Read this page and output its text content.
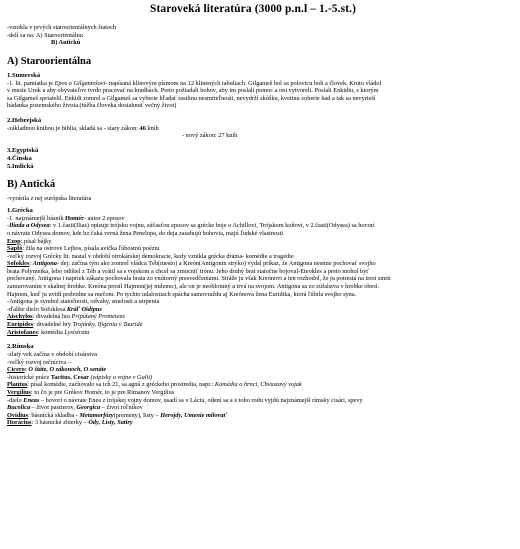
Staroveká literatúra (3000 p.n.l – 1.-5.st.)
-vznikla v prvých staroorientálnych štatoch
-delí sa na: A) Staroorientálnu
B) Antickú
A) Staroorientálna
1.Sumerská
-1. lit. pamiatka je Epos o Gilgamešovi- napísaná klinovým písmom na 12 hlinených tabuliach. Gilgameš bol sa polovicu boh a človek. Kruto vládol
v meste Uruk a aby obyvateľov tvrdo pracovať na hradbách. Preto požiadali bohov, aby im poslali pomoc a oni vytvoreli. Poslali Enkidiu, s ktorým
sa Gilgameš spriatelil. Enkidi zomrel a Gilgameš sa vyberie hľadať rastlinu nesmrteľnosti, nevydrží skúšku, kvetinu zoberie had a tak sa nevyrieší
hádanka pozemského života.(túžba človeka dosiahnuť večný život)
2.Hebrejská
-základnou knihou je biblia, skladá sa - stary zákon: 46 kníh
- nový zákon: 27 kníh
3.Egyptská
4.Čínska
5.Indická
B) Antická
-vyrástla z nej európska literatúra
1.Grécka
-1. najznámejší básnik Homér- autor 2 eposov
-Iliada a Odysea: v 1.časti(Ilias) opisuje trójsku vojnu, súčasťou eposov sa grécke boje o Achillovi, Trójskom koňovi, v 2.časti(Odysea) sa hovorí
o návrate Odysea domov, kde ho čaká verná žena Penelopa, do deja zasahujú bohovia, majú ľudské vlastnosti
Ezop: písal bájky
Sapfó: žila na ostrove Lejbos, písala avička ľúbostnú poéziu
-veľký rozvoj Grécky lit. nastal v období otrokárskej demokracie, kedy vznikla grécka dráma- komédie a tragédie
Sofokles: Antigona- dej: začína tým ako zomrel vládca Téb(mesto) a Kreón(Antigonin strýko) vydal príkaz, že Antigona nesmie pochovať svojho
brata Polymeika, lebo odišiel z Téb a vrátil sa s vojskom a chcel sa zmocniť trónu. Jeho druhý brat statočne bojoval-Eteokles a preto mohol byť
pochovaný. Antigona i napriek zákazu pochovala brata zo vnútorný presvedčeniami. Stráže ju však Kreónovi a ten rozhodol, že ju potrestá na trest smrti
zamurovaním v skalnej hrobke. Kreóna prosil Hajmon(jej milenec), ale on je neoblomný a trvá na svojom. Antigona sa zo zúfalstva v hrobke obesí.
Hajmon, keď ju uvidí prebodne sa mečom. Po tychto udalostiach spácha samovraždu aj Kreónova žena Eurídika, ktorá ľúbila svojho syna.
-Antigona je symbol statočnosti, odvahy, smelosti a utrpenia
-ďalšie dielo Sofoklesa Kráľ Oidipus
Aischylos: divadelná hra Pripútaný Prometeus
Euripides: divadelné hry Trojánky, Ifigenia v Tauride
Aristofanes: komédia Lysistrata
2.Rímska
-zlatý vek začína v období cisárstva
-veľký rozvoj rečníctva –
Cicero: O štáte, O zákonoch, O senáte
-historické práce Tacitus, Cesar (zápisky o vojne v Galii)
Plautus: písal komédie, zachovalo sa ich 21, sa agná z gréckeho prostredia, napr.: Komédia o hrnci, Chvastavý vojak
Vergílius: to čo je pre Grékov Homér, to je pre Rimanov Vergilius
-dielo Eneas – hovorí o návrate Enea z trójskej vojny domov, usadí sa v Láciu, odení sa a z toho rodu vyjdú najznámejší rímsky cisári, spevy
Bucolica – život pastierov, Georgica – život roľníkov
Ovídius: básnická skladba - Metamorfózy(premeny), listy – Herojdy, Umenie milovať
Horácius: 3 básnické zbierky – Ódy, Listy, Satiry
